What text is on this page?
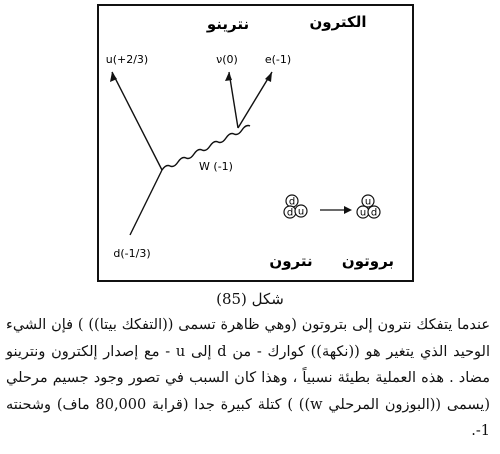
الكترون
نترينو
u(+2/3)	ν(0) e(-1)
W (-1)
d(-1/3)
d
d u
u
u d
نترون بروتون
شكل (85)
عندما يتفكك نترون إلى بتروتون (وهي ظاهرة تسمى ((التفكك بيتا)) ) فإن الشيء الوحيد الذي يتغير هو ((نكهة)) كوارك - من d إلى u - مع إصدار إلكترون ونترينو مضاد . هذه العملية بطيئة نسبياً ، وهذا كان السبب في تصور وجود جسيم مرحلي (يسمى ((البوزون المرحلي w)) ) كتلة كبيرة جدا (قرابة 80,000 ماف) وشحنته 1-.
